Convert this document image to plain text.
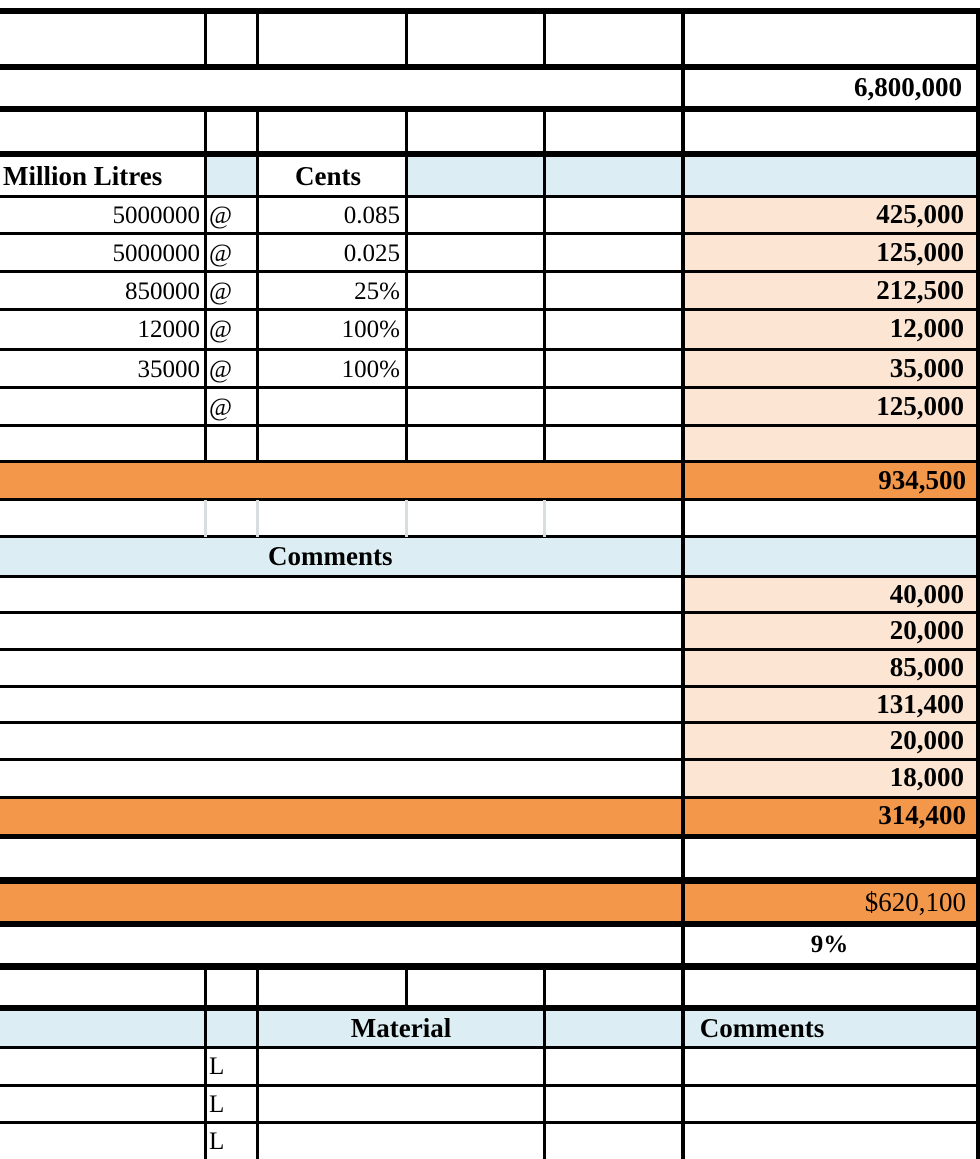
6,800,000
Million Litres	Cents
5000000 @	0.085	425,000
5000000 @	0.025	125,000
850000 @	25%	212,500
12000 @	100%	12,000
35000 @	100%	35,000
@	125,000
934,500
Comments
40,000
20,000
85,000
131,400
20,000
18,000
314,400
$620,100
9%
Material	Comments
L
L
L
